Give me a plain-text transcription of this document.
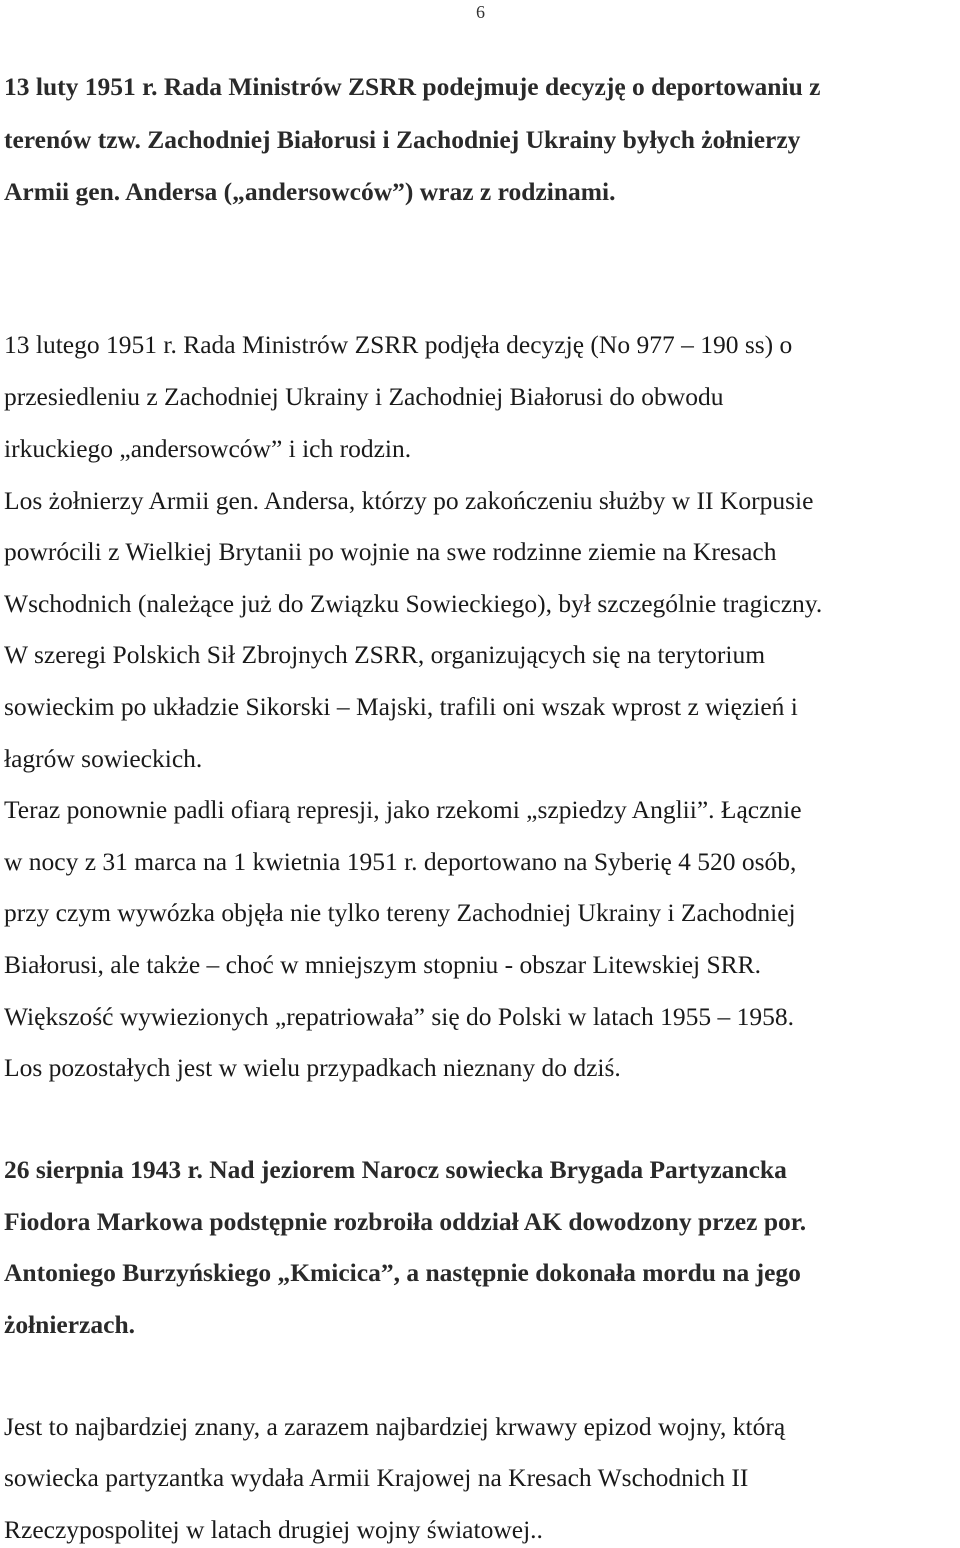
6
13 luty 1951 r. Rada Ministrów ZSRR podejmuje decyzję o deportowaniu z
terenów tzw. Zachodniej Białorusi i Zachodniej Ukrainy byłych żołnierzy
Armii gen. Andersa („andersowców”) wraz z rodzinami.
13 lutego 1951 r. Rada Ministrów ZSRR podjęła decyzję (No 977 – 190 ss) o
przesiedleniu z Zachodniej Ukrainy i Zachodniej Białorusi do obwodu
irkuckiego „andersowców” i ich rodzin.
Los żołnierzy Armii gen. Andersa, którzy po zakończeniu służby w II Korpusie
powrócili z Wielkiej Brytanii po wojnie na swe rodzinne ziemie na Kresach
Wschodnich (należące już do Związku Sowieckiego), był szczególnie tragiczny.
W szeregi Polskich Sił Zbrojnych ZSRR, organizujących się na terytorium
sowieckim po układzie Sikorski – Majski, trafili oni wszak wprost z więzień i
łagrów sowieckich.
Teraz ponownie padli ofiarą represji, jako rzekomi „szpiedzy Anglii”. Łącznie
w nocy z 31 marca na 1 kwietnia 1951 r. deportowano na Syberię 4 520 osób,
przy czym wywózka objęła nie tylko tereny Zachodniej Ukrainy i Zachodniej
Białorusi, ale także – choć w mniejszym stopniu - obszar Litewskiej SRR.
Większość wywiezionych „repatriowała” się do Polski w latach 1955 – 1958.
Los pozostałych jest w wielu przypadkach nieznany do dziś.
26 sierpnia 1943 r. Nad jeziorem Narocz sowiecka Brygada Partyzancka
Fiodora Markowa podstępnie rozbroiła oddział AK dowodzony przez por.
Antoniego Burzyńskiego „Kmicica”, a następnie dokonała mordu na jego
żołnierzach.
Jest to najbardziej znany, a zarazem najbardziej krwawy epizod wojny, którą
sowiecka partyzantka wydała Armii Krajowej na Kresach Wschodnich II
Rzeczypospolitej w latach drugiej wojny światowej..
